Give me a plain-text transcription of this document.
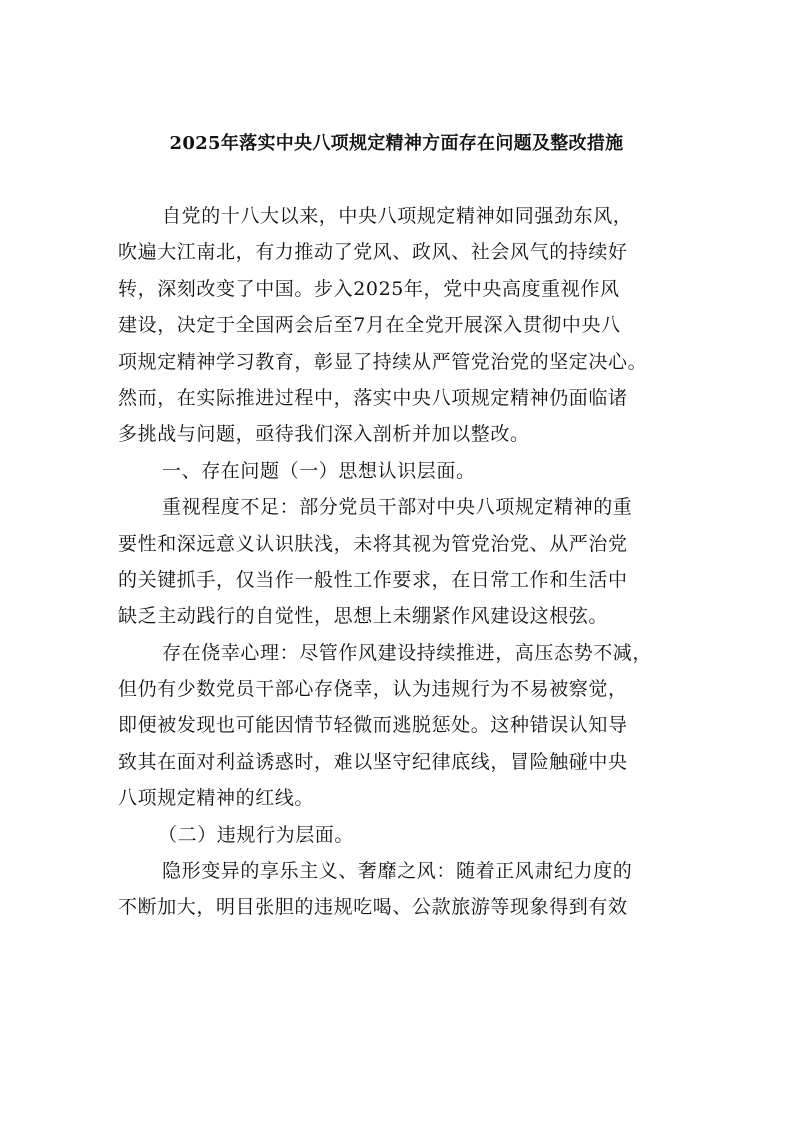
2025年落实中央八项规定精神方面存在问题及整改措施
自党的十八大以来，中央八项规定精神如同强劲东风，
吹遍大江南北，有力推动了党风、政风、社会风气的持续好
转，深刻改变了中国。步入2025年，党中央高度重视作风
建设，决定于全国两会后至7月在全党开展深入贯彻中央八
项规定精神学习教育，彰显了持续从严管党治党的坚定决心。
然而，在实际推进过程中，落实中央八项规定精神仍面临诸
多挑战与问题，亟待我们深入剖析并加以整改。
一、存在问题（一）思想认识层面。
重视程度不足：部分党员干部对中央八项规定精神的重
要性和深远意义认识肤浅，未将其视为管党治党、从严治党
的关键抓手，仅当作一般性工作要求，在日常工作和生活中
缺乏主动践行的自觉性，思想上未绷紧作风建设这根弦。
存在侥幸心理：尽管作风建设持续推进，高压态势不减，
但仍有少数党员干部心存侥幸，认为违规行为不易被察觉，
即便被发现也可能因情节轻微而逃脱惩处。这种错误认知导
致其在面对利益诱惑时，难以坚守纪律底线，冒险触碰中央
八项规定精神的红线。
（二）违规行为层面。
隐形变异的享乐主义、奢靡之风：随着正风肃纪力度的
不断加大，明目张胆的违规吃喝、公款旅游等现象得到有效
